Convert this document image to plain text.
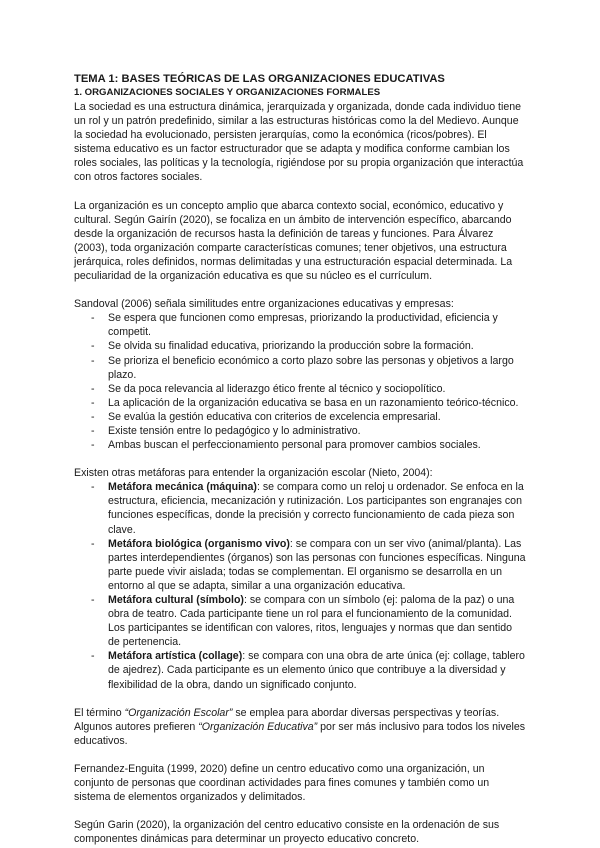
TEMA 1: BASES TEÓRICAS DE LAS ORGANIZACIONES EDUCATIVAS

1. ORGANIZACIONES SOCIALES Y ORGANIZACIONES FORMALES

La sociedad es una estructura dinámica, jerarquizada y organizada, donde cada individuo tiene un rol y un patrón predefinido, similar a las estructuras históricas como la del Medievo. Aunque la sociedad ha evolucionado, persisten jerarquías, como la económica (ricos/pobres). El sistema educativo es un factor estructurador que se adapta y modifica conforme cambian los roles sociales, las políticas y la tecnología, rigiéndose por su propia organización que interactúa con otros factores sociales.

La organización es un concepto amplio que abarca contexto social, económico, educativo y cultural. Según Gairín (2020), se focaliza en un ámbito de intervención específico, abarcando desde la organización de recursos hasta la definición de tareas y funciones. Para Álvarez (2003), toda organización comparte características comunes; tener objetivos, una estructura jerárquica, roles definidos, normas delimitadas y una estructuración espacial determinada. La peculiaridad de la organización educativa es que su núcleo es el currículum.

Sandoval (2006) señala similitudes entre organizaciones educativas y empresas:

- Se espera que funcionen como empresas, priorizando la productividad, eficiencia y competit.
- Se olvida su finalidad educativa, priorizando la producción sobre la formación.
- Se prioriza el beneficio económico a corto plazo sobre las personas y objetivos a largo plazo.
- Se da poca relevancia al liderazgo ético frente al técnico y sociopolítico.
- La aplicación de la organización educativa se basa en un razonamiento teórico-técnico.
- Se evalúa la gestión educativa con criterios de excelencia empresarial.
- Existe tensión entre lo pedagógico y lo administrativo.
- Ambas buscan el perfeccionamiento personal para promover cambios sociales.

Existen otras metáforas para entender la organización escolar (Nieto, 2004):

- Metáfora mecánica (máquina): se compara como un reloj u ordenador. Se enfoca en la estructura, eficiencia, mecanización y rutinización. Los participantes son engranajes con funciones específicas, donde la precisión y correcto funcionamiento de cada pieza son clave.
- Metáfora biológica (organismo vivo): se compara con un ser vivo (animal/planta). Las partes interdependientes (órganos) son las personas con funciones específicas. Ninguna parte puede vivir aislada; todas se complementan. El organismo se desarrolla en un entorno al que se adapta, similar a una organización educativa.
- Metáfora cultural (símbolo): se compara con un símbolo (ej: paloma de la paz) o una obra de teatro. Cada participante tiene un rol para el funcionamiento de la comunidad. Los participantes se identifican con valores, ritos, lenguajes y normas que dan sentido de pertenencia.
- Metáfora artística (collage): se compara con una obra de arte única (ej: collage, tablero de ajedrez). Cada participante es un elemento único que contribuye a la diversidad y flexibilidad de la obra, dando un significado conjunto.

El término “Organización Escolar” se emplea para abordar diversas perspectivas y teorías. Algunos autores prefieren “Organización Educativa” por ser más inclusivo para todos los niveles educativos.

Fernandez-Enguita (1999, 2020) define un centro educativo como una organización, un conjunto de personas que coordinan actividades para fines comunes y también como un sistema de elementos organizados y delimitados.

Según Garin (2020), la organización del centro educativo consiste en la ordenación de sus componentes dinámicas para determinar un proyecto educativo concreto.
